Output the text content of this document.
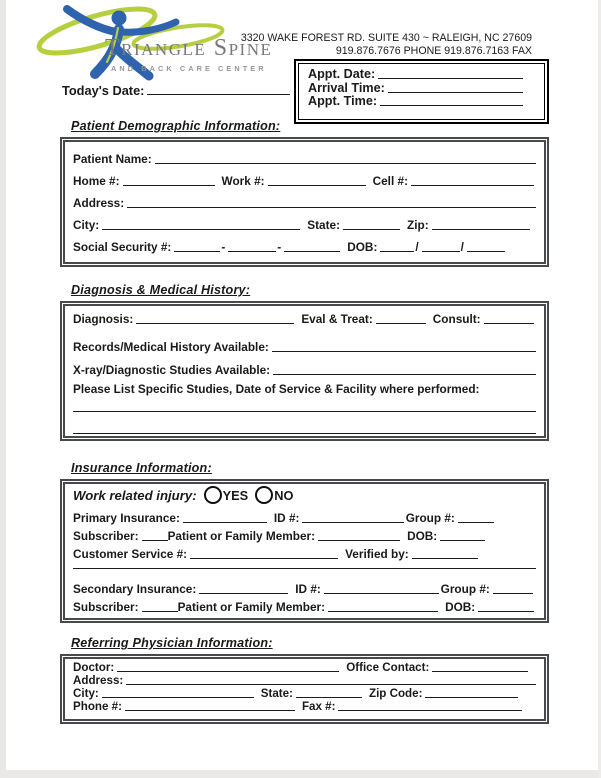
Triangle Spine
AND BACK CARE CENTER
3320 WAKE FOREST RD. SUITE 430 ~ RALEIGH, NC 27609
919.876.7676 PHONE 919.876.7163 FAX
Appt. Date:
Arrival Time:
Appt. Time:
Today's Date:
Patient Demographic Information:
Patient Name:
Home #:	Work #:	Cell #:
Address:
City:	State:	Zip:
Social Security #:	-	-	DOB:	/	/
Diagnosis & Medical History:
Diagnosis:	Eval & Treat:	Consult:
Records/Medical History Available:
X-ray/Diagnostic Studies Available:
Please List Specific Studies, Date of Service & Facility where performed:
Insurance Information:
Work related injury: YES NO
Primary Insurance:	ID #:	Group #:
Subscriber: Patient or Family Member:	DOB:
Customer Service #:	Verified by:
Secondary Insurance:	ID #:	Group #:
Subscriber:	Patient or Family Member:	DOB:
Referring Physician Information:
Doctor:	Office Contact:
Address:
City:	State:	Zip Code:
Phone #:	Fax #:
